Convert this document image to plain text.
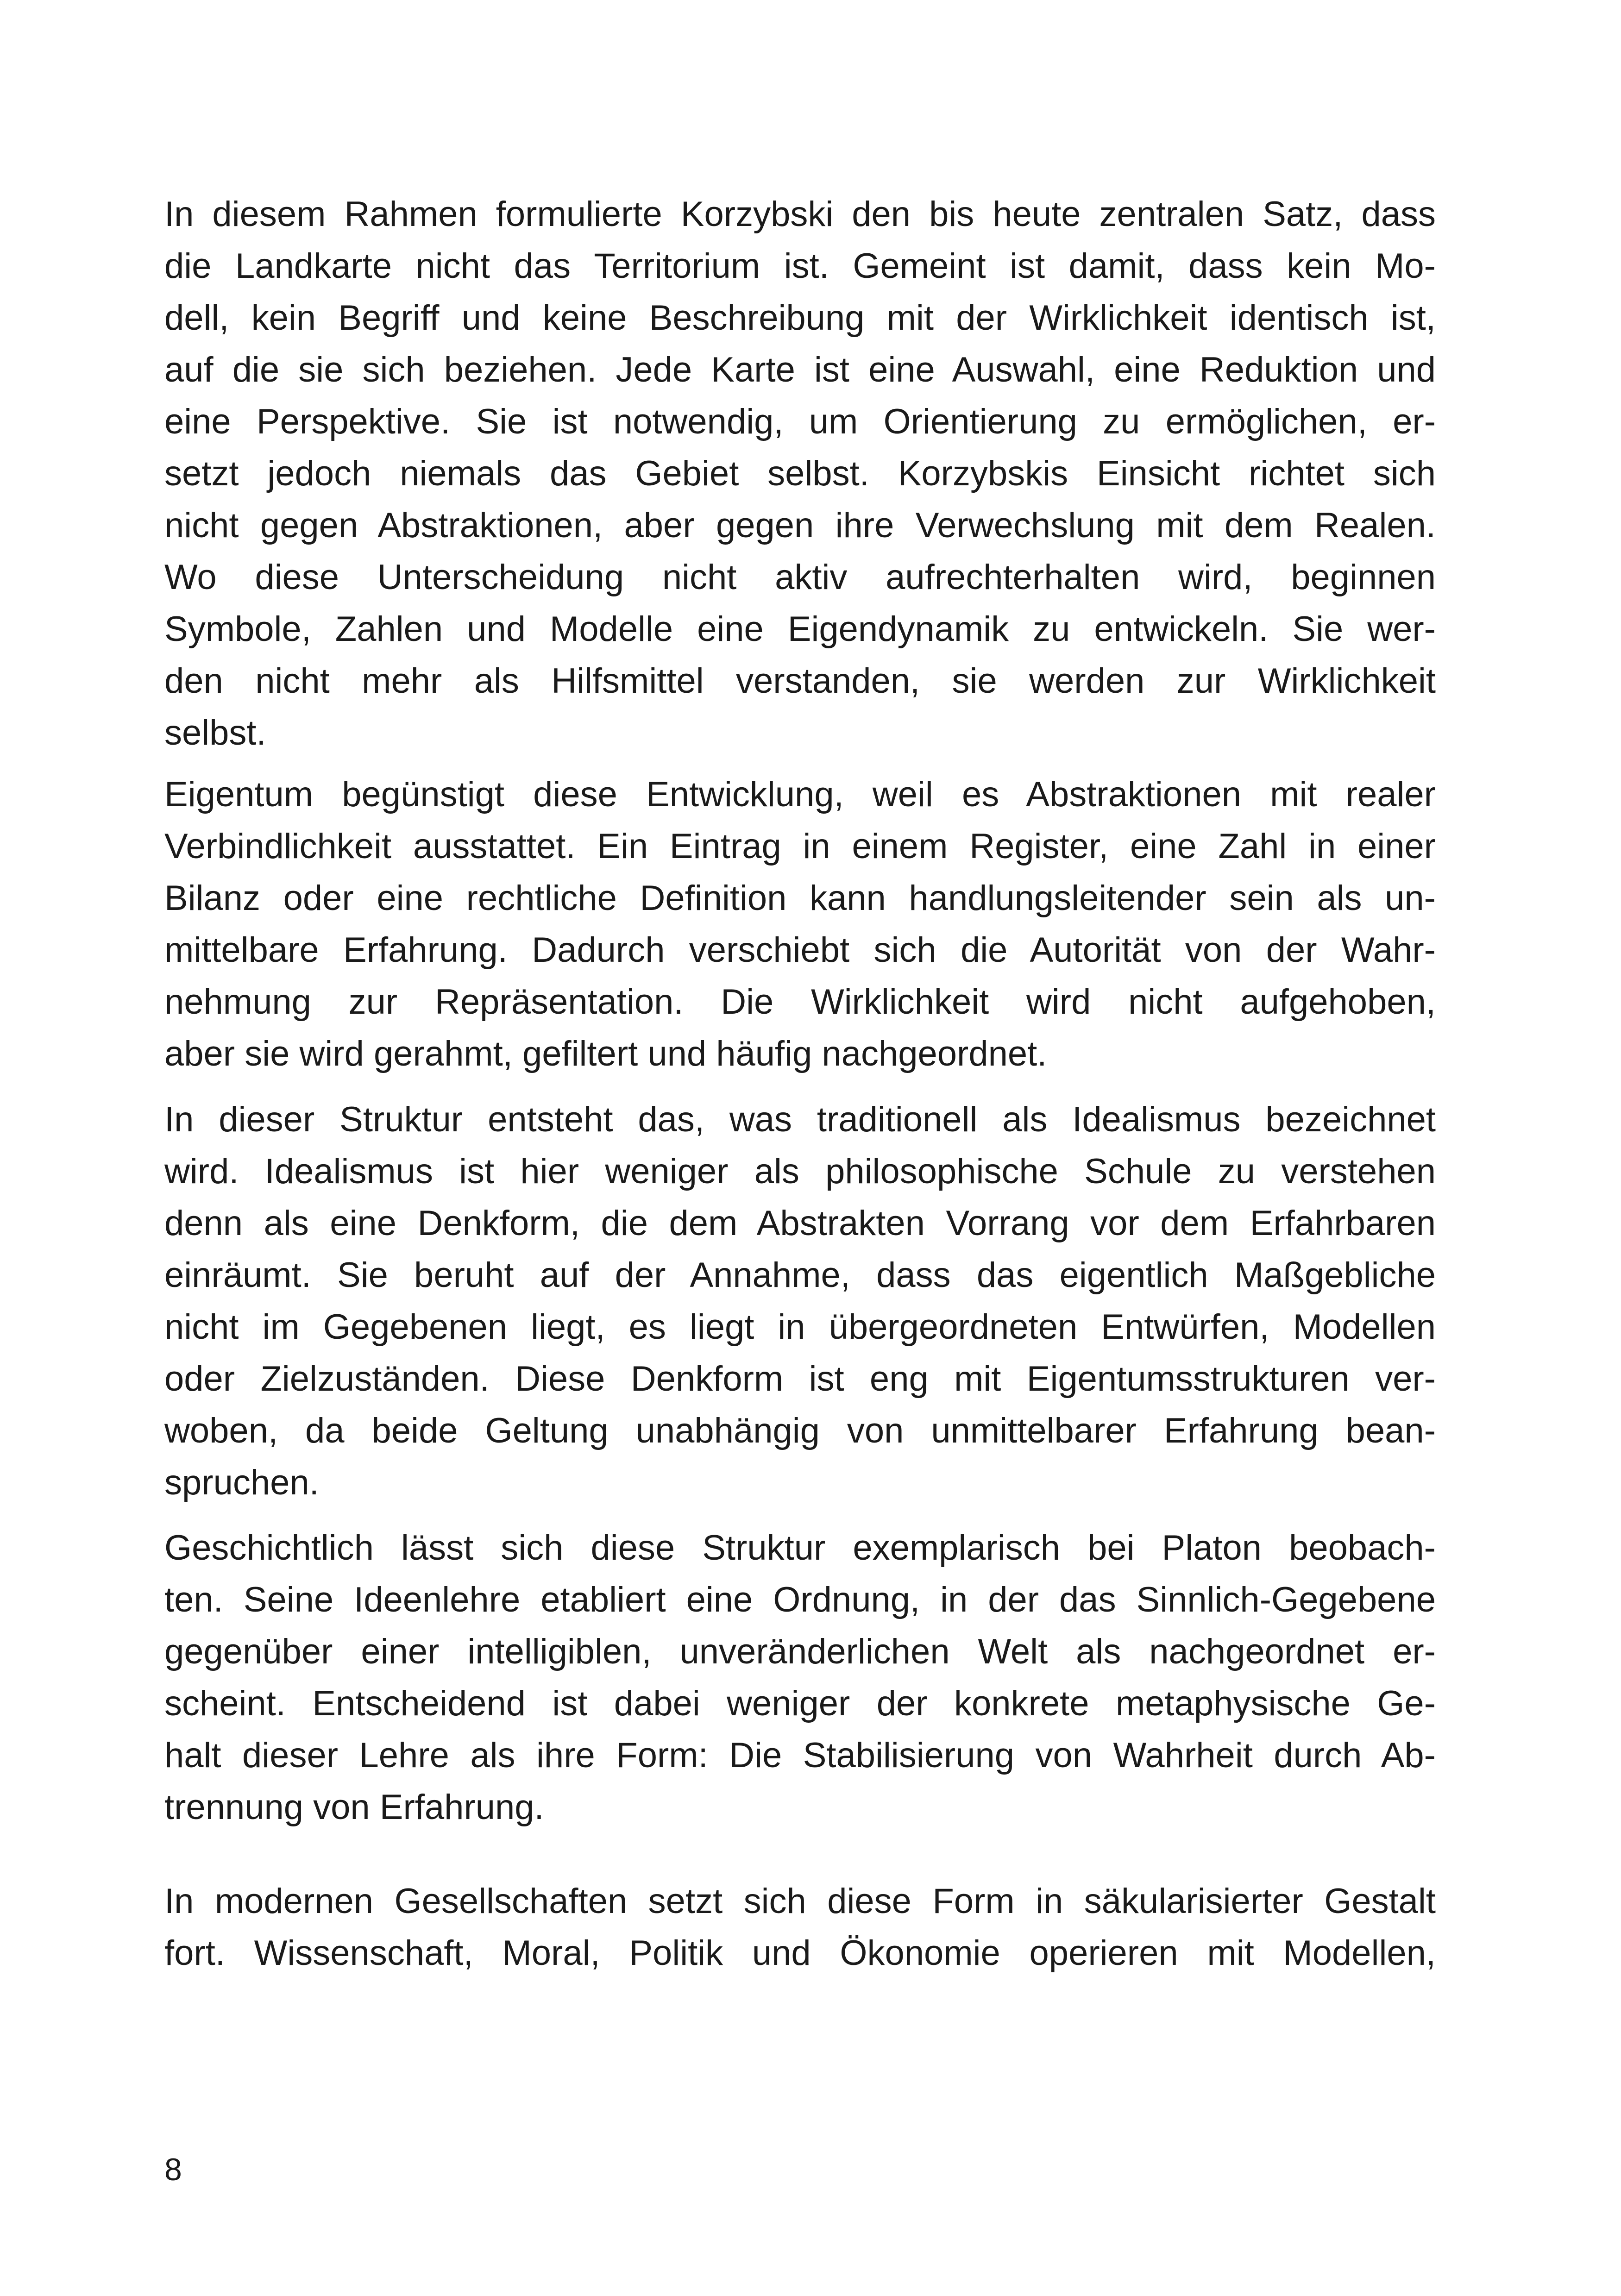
In diesem Rahmen formulierte Korzybski den bis heute zentralen Satz, dass
die Landkarte nicht das Territorium ist. Gemeint ist damit, dass kein Mo-
dell, kein Begriff und keine Beschreibung mit der Wirklichkeit identisch ist,
auf die sie sich beziehen. Jede Karte ist eine Auswahl, eine Reduktion und
eine Perspektive. Sie ist notwendig, um Orientierung zu ermöglichen, er-
setzt jedoch niemals das Gebiet selbst. Korzybskis Einsicht richtet sich
nicht gegen Abstraktionen, aber gegen ihre Verwechslung mit dem Realen.
Wo diese Unterscheidung nicht aktiv aufrechterhalten wird, beginnen
Symbole, Zahlen und Modelle eine Eigendynamik zu entwickeln. Sie wer-
den nicht mehr als Hilfsmittel verstanden, sie werden zur Wirklichkeit
selbst.
Eigentum begünstigt diese Entwicklung, weil es Abstraktionen mit realer
Verbindlichkeit ausstattet. Ein Eintrag in einem Register, eine Zahl in einer
Bilanz oder eine rechtliche Definition kann handlungsleitender sein als un-
mittelbare Erfahrung. Dadurch verschiebt sich die Autorität von der Wahr-
nehmung zur Repräsentation. Die Wirklichkeit wird nicht aufgehoben,
aber sie wird gerahmt, gefiltert und häufig nachgeordnet.
In dieser Struktur entsteht das, was traditionell als Idealismus bezeichnet
wird. Idealismus ist hier weniger als philosophische Schule zu verstehen
denn als eine Denkform, die dem Abstrakten Vorrang vor dem Erfahrbaren
einräumt. Sie beruht auf der Annahme, dass das eigentlich Maßgebliche
nicht im Gegebenen liegt, es liegt in übergeordneten Entwürfen, Modellen
oder Zielzuständen. Diese Denkform ist eng mit Eigentumsstrukturen ver-
woben, da beide Geltung unabhängig von unmittelbarer Erfahrung bean-
spruchen.
Geschichtlich lässt sich diese Struktur exemplarisch bei Platon beobach-
ten. Seine Ideenlehre etabliert eine Ordnung, in der das Sinnlich-Gegebene
gegenüber einer intelligiblen, unveränderlichen Welt als nachgeordnet er-
scheint. Entscheidend ist dabei weniger der konkrete metaphysische Ge-
halt dieser Lehre als ihre Form: Die Stabilisierung von Wahrheit durch Ab-
trennung von Erfahrung.
In modernen Gesellschaften setzt sich diese Form in säkularisierter Gestalt
fort. Wissenschaft, Moral, Politik und Ökonomie operieren mit Modellen,
8
